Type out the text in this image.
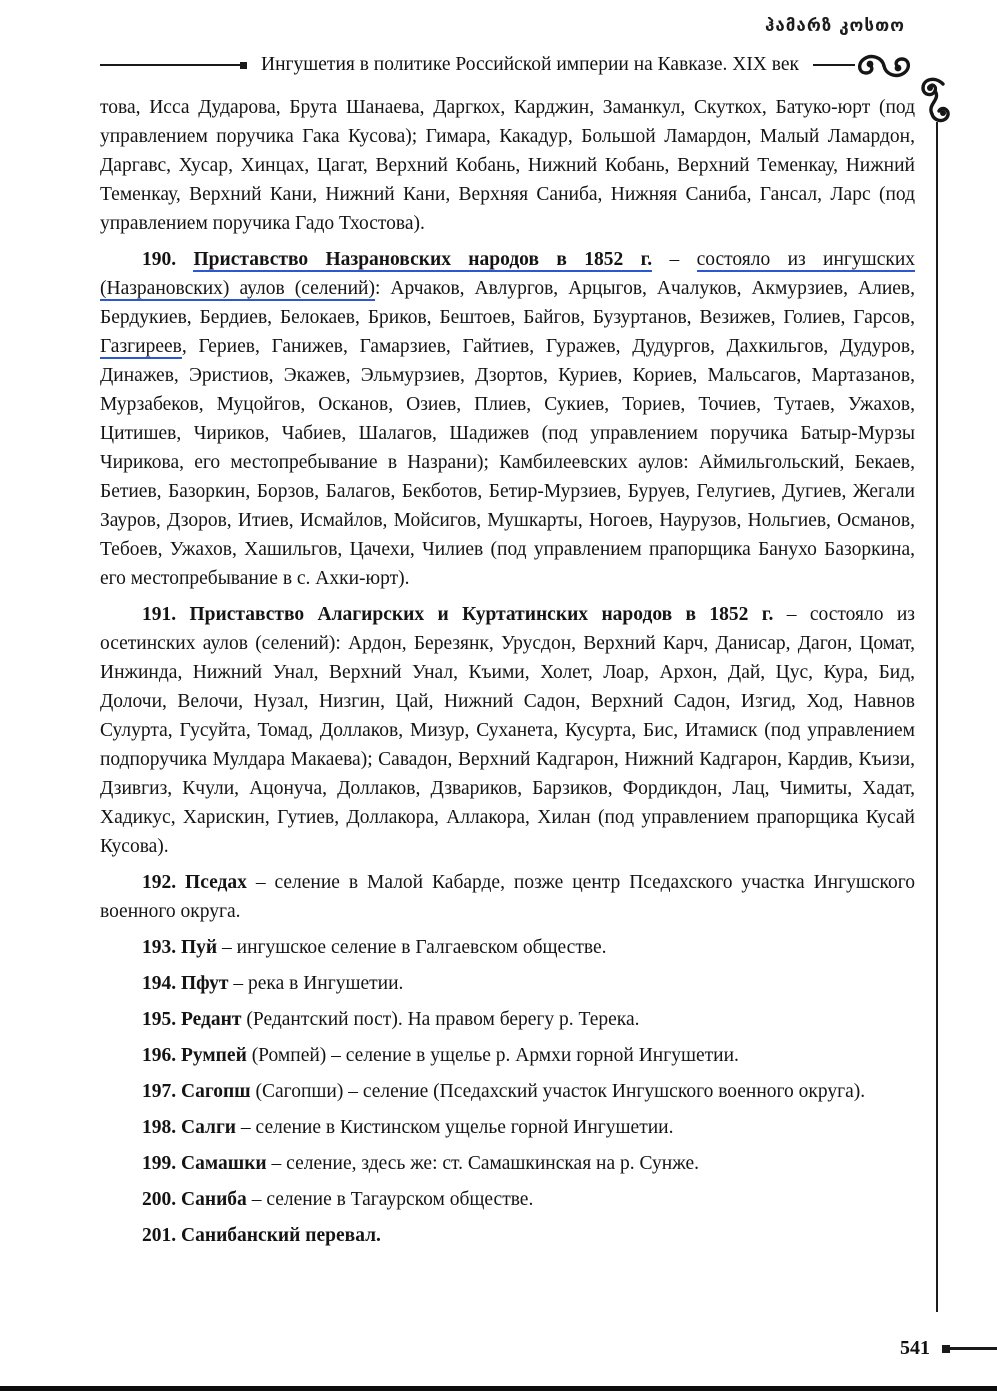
ჰამარზ კოსთო
Ингушетия в политике Российской империи на Кавказе. XIX век

това, Исса Дударова, Брута Шанаева, Даргкох, Карджин, Заманкул, Скуткох, Батуко-юрт (под управлением поручика Гака Кусова); Гимара, Какадур, Большой Ламардон, Малый Ламардон, Даргавс, Хусар, Хинцах, Цагат, Верхний Кобань, Нижний Кобань, Верхний Теменкау, Нижний Теменкау, Верхний Кани, Нижний Кани, Верхняя Саниба, Нижняя Саниба, Гансал, Ларс (под управлением поручика Гадо Тхостова).

190. Приставство Назрановских народов в 1852 г. – состояло из ингушских (Назрановских) аулов (селений): Арчаков, Авлургов, Арцыгов, Ачалуков, Акмурзиев, Алиев, Бердукиев, Бердиев, Белокаев, Бриков, Бештоев, Байгов, Бузуртанов, Везижев, Голиев, Гарсов, Газгиреев, Гериев, Ганижев, Гамарзиев, Гайтиев, Гуражев, Дудургов, Дахкильгов, Дудуров, Динажев, Эристиов, Экажев, Эльмурзиев, Дзортов, Куриев, Кориев, Мальсагов, Мартазанов, Мурзабеков, Муцойгов, Осканов, Озиев, Плиев, Сукиев, Ториев, Точиев, Тутаев, Ужахов, Цитишев, Чириков, Чабиев, Шалагов, Шадижев (под управлением поручика Батыр-Мурзы Чирикова, его местопребывание в Назрани); Камбилеевских аулов: Аймильгольский, Бекаев, Бетиев, Базоркин, Борзов, Балагов, Бекботов, Бетир-Мурзиев, Буруев, Гелугиев, Дугиев, Жегали Зауров, Дзоров, Итиев, Исмайлов, Мойсигов, Мушкарты, Ногоев, Наурузов, Нольгиев, Османов, Тебоев, Ужахов, Хашильгов, Цачехи, Чилиев (под управлением прапорщика Банухо Базоркина, его местопребывание в с. Ахки-юрт).

191. Приставство Алагирских и Куртатинских народов в 1852 г. – состояло из осетинских аулов (селений): Ардон, Березянк, Урусдон, Верхний Карч, Данисар, Дагон, Цомат, Инжинда, Нижний Унал, Верхний Унал, Къими, Холет, Лоар, Архон, Дай, Цус, Кура, Бид, Долочи, Велочи, Нузал, Низгин, Цай, Нижний Садон, Верхний Садон, Изгид, Ход, Навнов Сулурта, Гусуйта, Томад, Доллаков, Мизур, Суханета, Кусурта, Бис, Итамиск (под управлением подпоручика Мулдара Макаева); Савадон, Верхний Кадгарон, Нижний Кадгарон, Кардив, Къизи, Дзивгиз, Кчули, Ацонуча, Доллаков, Дзвариков, Барзиков, Фордикдон, Лац, Чимиты, Хадат, Хадикус, Харискин, Гутиев, Доллакора, Аллакора, Хилан (под управлением прапорщика Кусай Кусова).

192. Пседах – селение в Малой Кабарде, позже центр Пседахского участка Ингушского военного округа.

193. Пуй – ингушское селение в Галгаевском обществе.

194. Пфут – река в Ингушетии.

195. Редант (Редантский пост). На правом берегу р. Терека.

196. Румпей (Ромпей) – селение в ущелье р. Армхи горной Ингушетии.

197. Сагопш (Сагопши) – селение (Пседахский участок Ингушского военного округа).

198. Салги – селение в Кистинском ущелье горной Ингушетии.

199. Самашки – селение, здесь же: ст. Самашкинская на р. Сунже.

200. Саниба – селение в Тагаурском обществе.

201. Санибанский перевал.

541
